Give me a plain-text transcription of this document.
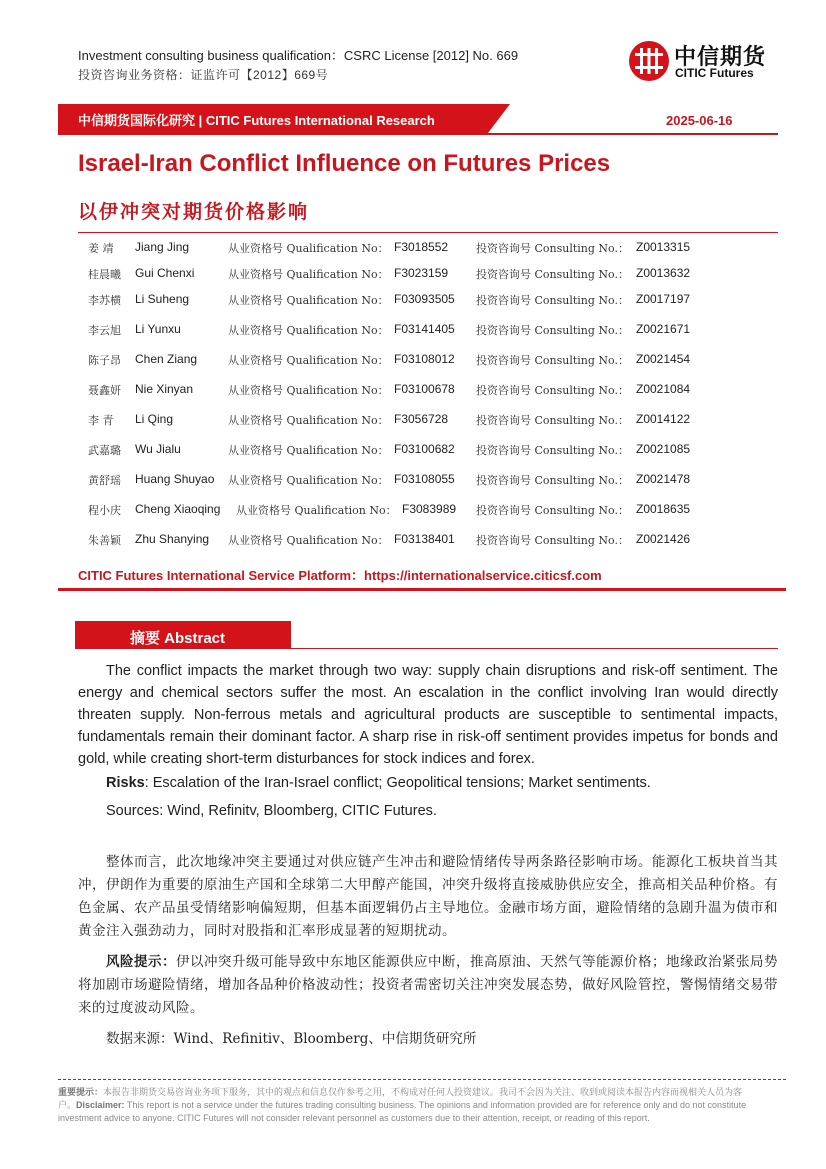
Investment consulting business qualification：CSRC License [2012] No. 669
投资咨询业务资格：证监许可【2012】669号
中信期货
CITIC Futures
中信期货国际化研究 | CITIC Futures International Research	2025-06-16
Israel-Iran Conflict Influence on Futures Prices
以伊冲突对期货价格影响
姜 靖 Jiang Jing	从业资格号 Qualification No： F3018552	投资咨询号 Consulting No.： Z0013315
桂晨曦 Gui Chenxi	从业资格号 Qualification No： F3023159	投资咨询号 Consulting No.： Z0013632
李苏横 Li Suheng	从业资格号 Qualification No： F03093505 投资咨询号 Consulting No.： Z0017197
李云旭 Li Yunxu	从业资格号 Qualification No： F03141405 投资咨询号 Consulting No.： Z0021671
陈子昂 Chen Ziang	从业资格号 Qualification No： F03108012 投资咨询号 Consulting No.： Z0021454
聂鑫妍 Nie Xinyan	从业资格号 Qualification No： F03100678 投资咨询号 Consulting No.： Z0021084
李 青 Li Qing	从业资格号 Qualification No： F3056728	投资咨询号 Consulting No.： Z0014122
武嘉璐 Wu Jialu	从业资格号 Qualification No： F03100682 投资咨询号 Consulting No.： Z0021085
黄舒瑶 Huang Shuyao 从业资格号 Qualification No： F03108055 投资咨询号 Consulting No.： Z0021478
程小庆 Cheng Xiaoqing 从业资格号 Qualification No： F3083989 投资咨询号 Consulting No.： Z0018635
朱善颖 Zhu Shanying 从业资格号 Qualification No： F03138401 投资咨询号 Consulting No.： Z0021426
CITIC Futures International Service Platform：https://internationalservice.citicsf.com
摘要 Abstract

The conflict impacts the market through two way: supply chain disruptions and risk-off sentiment. The energy and chemical sectors suffer the most. An escalation in the conflict involving Iran would directly threaten supply. Non-ferrous metals and agricultural products are susceptible to sentimental impacts, fundamentals remain their dominant factor. A sharp rise in risk-off sentiment provides impetus for bonds and gold, while creating short-term disturbances for stock indices and forex.

Risks: Escalation of the Iran-Israel conflict; Geopolitical tensions; Market sentiments.
Sources: Wind, Refinitv, Bloomberg, CITIC Futures.

整体而言，此次地缘冲突主要通过对供应链产生冲击和避险情绪传导两条路径影响市场。能源化工板块首当其冲，伊朗作为重要的原油生产国和全球第二大甲醇产能国，冲突升级将直接威胁供应安全，推高相关品种价格。有色金属、农产品虽受情绪影响偏短期，但基本面逻辑仍占主导地位。金融市场方面，避险情绪的急剧升温为债市和黄金注入强劲动力，同时对股指和汇率形成显著的短期扰动。

风险提示：伊以冲突升级可能导致中东地区能源供应中断，推高原油、天然气等能源价格；地缘政治紧张局势将加剧市场避险情绪，增加各品种价格波动性；投资者需密切关注冲突发展态势，做好风险管控，警惕情绪交易带来的过度波动风险。

数据来源：Wind、Refinitiv、Bloomberg、中信期货研究所
重要提示：本报告非期货交易咨询业务项下服务，其中的观点和信息仅作参考之用，不构成对任何人投资建议。我司不会因为关注、收到或阅读本报告内容而视相关人员为客户。Disclaimer: This report is not a service under the futures trading consulting business. The opinions and information provided are for reference only and do not constitute investment advice to anyone. CITIC Futures will not consider relevant personnel as customers due to their attention, receipt, or reading of this report.
